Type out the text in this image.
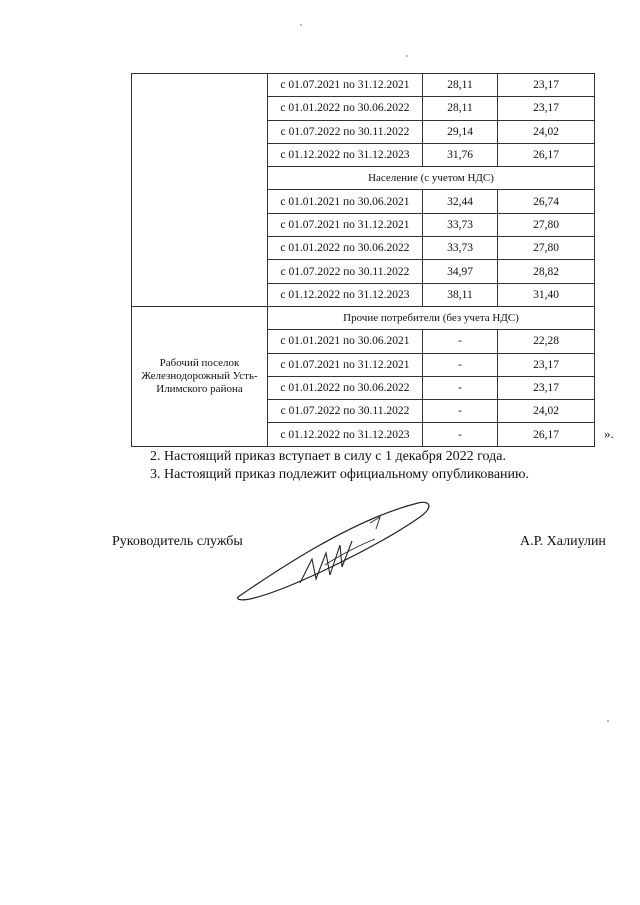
	с 01.07.2021 по 31.12.2021	28,11	23,17
	с 01.01.2022 по 30.06.2022	28,11	23,17
	с 01.07.2022 по 30.11.2022	29,14	24,02
	с 01.12.2022 по 31.12.2023	31,76	26,17
	Население (с учетом НДС)		
	с 01.01.2021 по 30.06.2021	32,44	26,74
	с 01.07.2021 по 31.12.2021	33,73	27,80
	с 01.01.2022 по 30.06.2022	33,73	27,80
	с 01.07.2022 по 30.11.2022	34,97	28,82
	с 01.12.2022 по 31.12.2023	38,11	31,40
Рабочий поселок Железнодорожный Усть-Илимского района	Прочие потребители (без учета НДС)		
	с 01.01.2021 по 30.06.2021	-	22,28
	с 01.07.2021 по 31.12.2021	-	23,17
	с 01.01.2022 по 30.06.2022	-	23,17
	с 01.07.2022 по 30.11.2022	-	24,02
	с 01.12.2022 по 31.12.2023	-	26,17	».
2. Настоящий приказ вступает в силу с 1 декабря 2022 года.
3. Настоящий приказ подлежит официальному опубликованию.
Руководитель службы	А.Р. Халиулин
